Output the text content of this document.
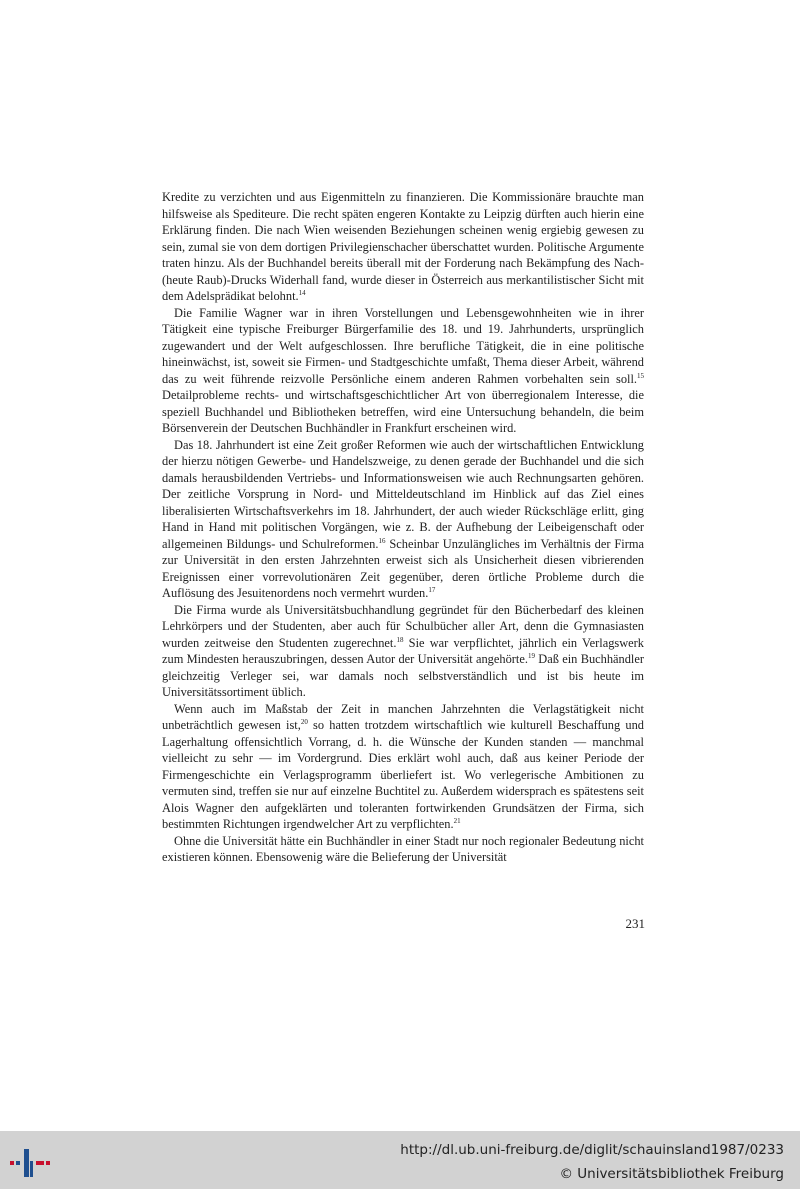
Kredite zu verzichten und aus Eigenmitteln zu finanzieren. Die Kommissionäre brauchte man hilfsweise als Spediteure. Die recht späten engeren Kontakte zu Leipzig dürften auch hierin eine Erklärung finden. Die nach Wien weisenden Beziehungen scheinen wenig ergiebig gewesen zu sein, zumal sie von dem dortigen Privilegienschacher überschattet wurden. Politische Argumente traten hinzu. Als der Buchhandel bereits überall mit der Forderung nach Bekämpfung des Nach-(heute Raub)-Drucks Widerhall fand, wurde dieser in Österreich aus merkantilistischer Sicht mit dem Adelsprädikat belohnt.$^{14}$

Die Familie Wagner war in ihren Vorstellungen und Lebensgewohnheiten wie in ihrer Tätigkeit eine typische Freiburger Bürgerfamilie des 18. und 19. Jahrhunderts, ursprünglich zugewandert und der Welt aufgeschlossen. Ihre berufliche Tätigkeit, die in eine politische hineinwächst, ist, soweit sie Firmen- und Stadtgeschichte umfaßt, Thema dieser Arbeit, während das zu weit führende reizvolle Persönliche einem anderen Rahmen vorbehalten sein soll.$^{15}$ Detailprobleme rechts- und wirtschaftsgeschichtlicher Art von überregionalem Interesse, die speziell Buchhandel und Bibliotheken betreffen, wird eine Untersuchung behandeln, die beim Börsenverein der Deutschen Buchhändler in Frankfurt erscheinen wird.

Das 18. Jahrhundert ist eine Zeit großer Reformen wie auch der wirtschaftlichen Entwicklung der hierzu nötigen Gewerbe- und Handelszweige, zu denen gerade der Buchhandel und die sich damals herausbildenden Vertriebs- und Informationsweisen wie auch Rechnungsarten gehören. Der zeitliche Vorsprung in Nord- und Mitteldeutschland im Hinblick auf das Ziel eines liberalisierten Wirtschaftsverkehrs im 18. Jahrhundert, der auch wieder Rückschläge erlitt, ging Hand in Hand mit politischen Vorgängen, wie z. B. der Aufhebung der Leibeigenschaft oder allgemeinen Bildungs- und Schulreformen.$^{16}$ Scheinbar Unzulängliches im Verhältnis der Firma zur Universität in den ersten Jahrzehnten erweist sich als Unsicherheit diesen vibrierenden Ereignissen einer vorrevolutionären Zeit gegenüber, deren örtliche Probleme durch die Auflösung des Jesuitenordens noch vermehrt wurden.$^{17}$

Die Firma wurde als Universitätsbuchhandlung gegründet für den Bücherbedarf des kleinen Lehrkörpers und der Studenten, aber auch für Schulbücher aller Art, denn die Gymnasiasten wurden zeitweise den Studenten zugerechnet.$^{18}$ Sie war verpflichtet, jährlich ein Verlagswerk zum Mindesten herauszubringen, dessen Autor der Universität angehörte.$^{19}$ Daß ein Buchhändler gleichzeitig Verleger sei, war damals noch selbstverständlich und ist bis heute im Universitätssortiment üblich.

Wenn auch im Maßstab der Zeit in manchen Jahrzehnten die Verlagstätigkeit nicht unbeträchtlich gewesen ist,$^{20}$ so hatten trotzdem wirtschaftlich wie kulturell Beschaffung und Lagerhaltung offensichtlich Vorrang, d. h. die Wünsche der Kunden standen — manchmal vielleicht zu sehr — im Vordergrund. Dies erklärt wohl auch, daß aus keiner Periode der Firmengeschichte ein Verlagsprogramm überliefert ist. Wo verlegerische Ambitionen zu vermuten sind, treffen sie nur auf einzelne Buchtitel zu. Außerdem widersprach es spätestens seit Alois Wagner den aufgeklärten und toleranten fortwirkenden Grundsätzen der Firma, sich bestimmten Richtungen irgendwelcher Art zu verpflichten.$^{21}$

Ohne die Universität hätte ein Buchhändler in einer Stadt nur noch regionaler Bedeutung nicht existieren können. Ebensowenig wäre die Belieferung der Universität

231
http://dl.ub.uni-freiburg.de/diglit/schauinsland1987/0233
© Universitätsbibliothek Freiburg
